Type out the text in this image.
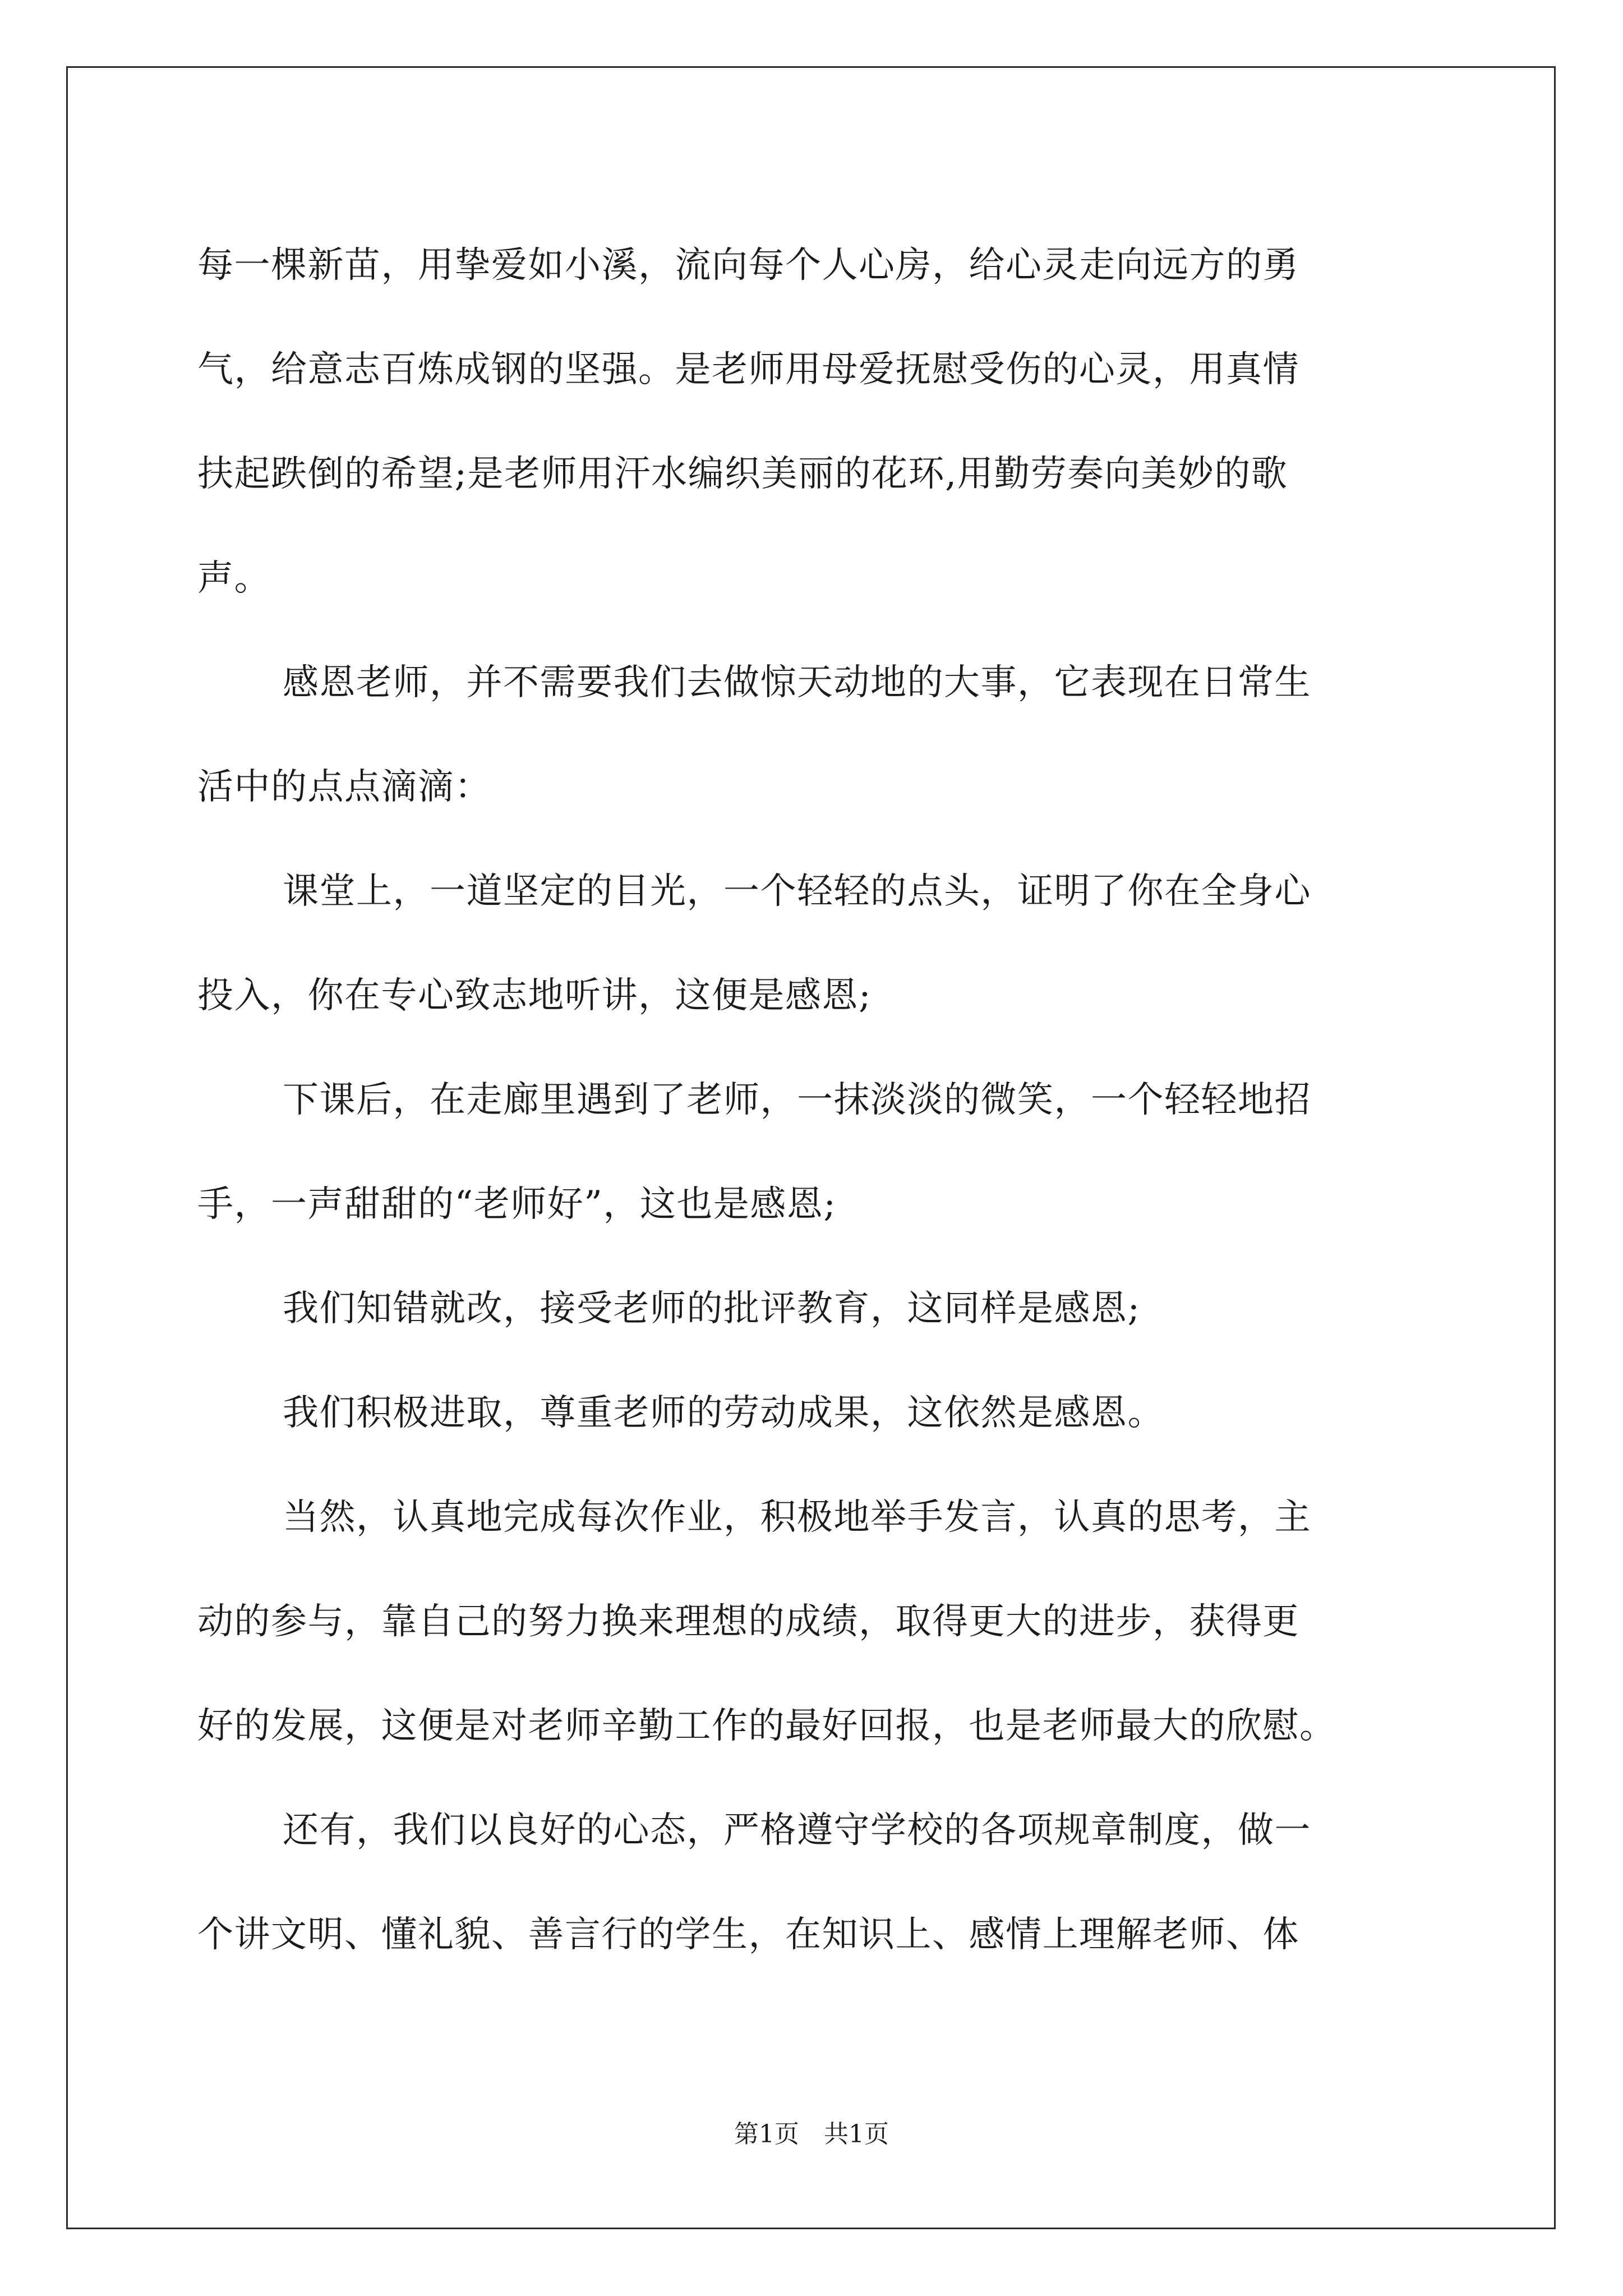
每一棵新苗，用挚爱如小溪，流向每个人心房，给心灵走向远方的勇
气，给意志百炼成钢的坚强。是老师用母爱抚慰受伤的心灵，用真情
扶起跌倒的希望;是老师用汗水编织美丽的花环,用勤劳奏向美妙的歌
声。
感恩老师，并不需要我们去做惊天动地的大事，它表现在日常生
活中的点点滴滴：
课堂上，一道坚定的目光，一个轻轻的点头，证明了你在全身心
投入，你在专心致志地听讲，这便是感恩;
下课后，在走廊里遇到了老师，一抹淡淡的微笑，一个轻轻地招
手，一声甜甜的“老师好”，这也是感恩;
我们知错就改，接受老师的批评教育，这同样是感恩;
我们积极进取，尊重老师的劳动成果，这依然是感恩。
当然，认真地完成每次作业，积极地举手发言，认真的思考，主
动的参与，靠自己的努力换来理想的成绩，取得更大的进步，获得更
好的发展，这便是对老师辛勤工作的最好回报，也是老师最大的欣慰。
还有，我们以良好的心态，严格遵守学校的各项规章制度，做一
个讲文明、懂礼貌、善言行的学生，在知识上、感情上理解老师、体
第1页　共1页
